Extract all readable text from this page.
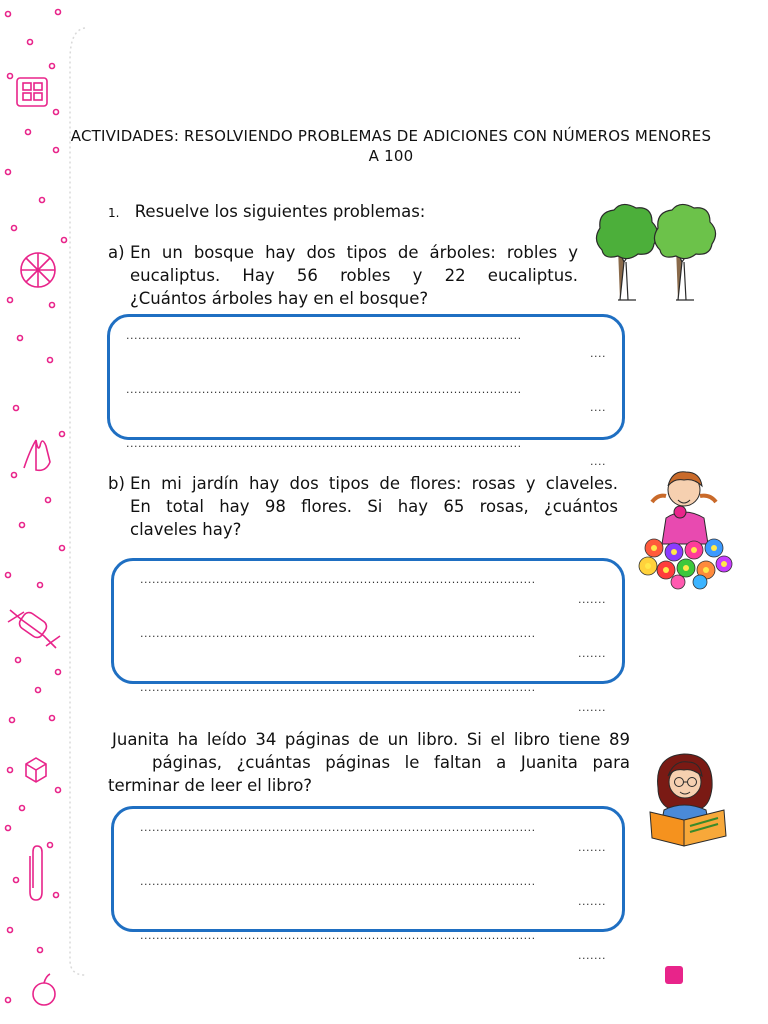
ACTIVIDADES: RESOLVIENDO PROBLEMAS DE ADICIONES CON NÚMEROS MENORES
A 100
1. Resuelve los siguientes problemas:
a) En un bosque hay dos tipos de árboles: robles y
eucaliptus. Hay 56 robles y 22 eucaliptus.
¿Cuántos árboles hay en el bosque?
...................................................................................................
....
...................................................................................................
....
...................................................................................................
....
b) En mi jardín hay dos tipos de flores: rosas y claveles.
En total hay 98 flores. Si hay 65 rosas, ¿cuántos
claveles hay?
...................................................................................................
.......
...................................................................................................
.......
...................................................................................................
.......
Juanita ha leído 34 páginas de un libro. Si el libro tiene 89
páginas, ¿cuántas páginas le faltan a Juanita para
terminar de leer el libro?
...................................................................................................
.......
...................................................................................................
.......
...................................................................................................
.......
